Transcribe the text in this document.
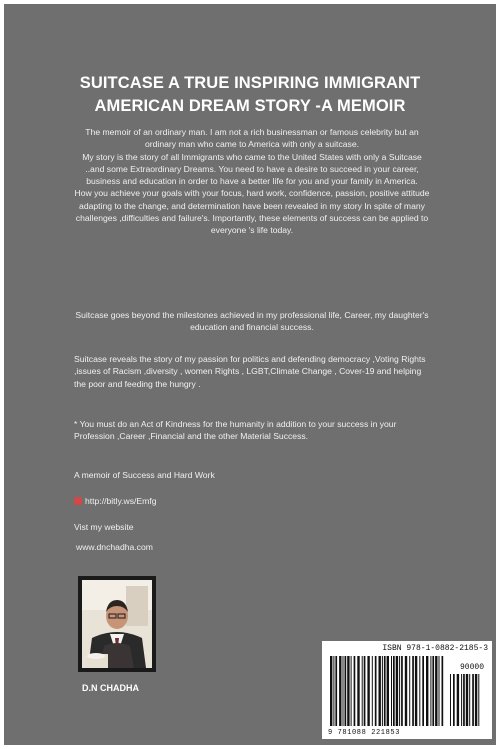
SUITCASE A TRUE INSPIRING IMMIGRANT
AMERICAN DREAM STORY -A MEMOIR

The memoir of an ordinary man. I am not a rich businessman or famous celebrity but an ordinary man who came to America with only a suitcase.

My story is the story of all Immigrants who came to the United States with only a Suitcase ..and some Extraordinary Dreams. You need to have a desire to succeed in your career, business and education in order to have a better life for you and your family in America.

How you achieve your goals with your focus, hard work, confidence, passion, positive attitude adapting to the change, and determination have been revealed in my story In spite of many challenges ,difficulties and failure's. Importantly, these elements of success can be applied to everyone 's life today.

Suitcase goes beyond the milestones achieved in my professional life, Career, my daughter's education and financial success.

Suitcase reveals the story of my passion for politics and defending democracy ,Voting Rights ,issues of Racism ,diversity , women Rights , LGBT,Climate Change , Cover-19 and helping the poor and feeding the hungry .

* You must do an Act of Kindness for the humanity in addition to your success in your Profession ,Career ,Financial and the other Material Success.

A memoir of Success and Hard Work
http://bitly.ws/Emfg
Vist my website
www.dnchadha.com
D.N CHADHA
ISBN 978-1-0882-2185-3
90000
9 781088 221853
